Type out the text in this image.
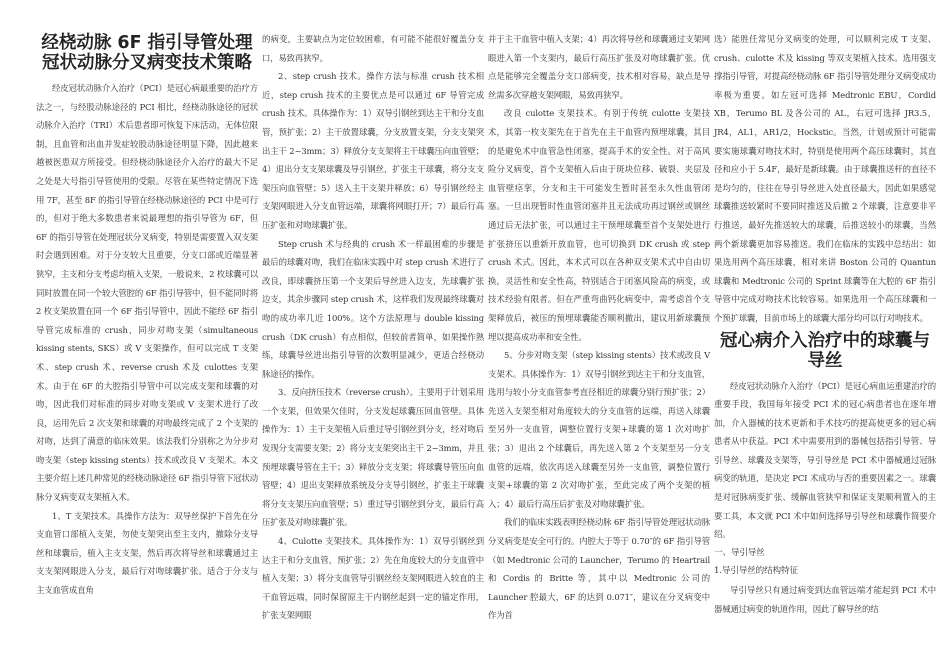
经桡动脉 6F 指引导管处理冠状动脉分叉病变技术策略

经皮冠状动脉介入治疗（PCI）是冠心病最重要的治疗方法之一，与经股动脉途径的 PCI 相比，经桡动脉途径的冠状动脉介入治疗（TRI）术后患者即可恢复下床活动，无体位限制，且血管和出血并发症较股动脉途径明显下降，因此越来越被医患双方所接受。但经桡动脉途径介入治疗的最大不足之处是大号指引导管使用的受限。尽管在某些特定情况下选用 7F，甚至 8F 的指引导管在经桡动脉途径的 PCI 中是可行的，但对于绝大多数患者来说最理想的指引导管为 6F，但 6F 的指引导管在处理冠状分叉病变，特别是需要置入双支架时会遇到困难。对于分支较大且重要，分支口部或近端显著狭窄，主支和分支考虑均植入支架，一般说来，2 枚球囊可以同时放置在同一个较大管腔的 6F 指引导管中，但不能同时将 2 枚支架放置在同一个 6F 指引导管中，因此不能经 6F 指引导管完成标准的 crush，同步对吻支架（simultaneous kissing stents, SKS）或 V 支架操作，但可以完成 T 支架术、step crush 术、reverse crush 术及 culottes 支架术。由于在 6F 的大腔指引导管中可以完成支架和球囊的对吻，因此我们对标准的同步对吻支架或 V 支架术进行了改良，运用先后 2 次支架和球囊的对吻最终完成了 2 个支架的对吻，达到了满意的临床效果。该法我们分别称之为分步对吻支架（step kissing stents）技术或改良 V 支架术。本文主要介绍上述几种常见的经桡动脉途径 6F 指引导管下冠状动脉分叉病变双支架植入术。

1、T 支架技术。具操作方法为：双导丝保护下首先在分支血管口部植入支架，勿使支架突出至主支内，撤除分支导丝和球囊后，植入主支支架，然后再次将导丝和球囊通过主支支架网眼进入分支，最后行对吻球囊扩张。适合于分支与主支血管成直角

的病变，主要缺点为定位较困难，有可能不能很好覆盖分支口，易致再狭窄。

2、step crush 技术。操作方法与标准 crush 技术相近，step crush 技术的主要优点是可以通过 6F 导管完成 crush 技术。具体操作为：1）双导引钢丝到达主干和分支血管，预扩张；2）主干放置球囊，分支放置支架，分支支架突出主干 2~3mm；3）释放分支支架将主干球囊压向血管壁；4）退出分支支架球囊及导引钢丝，扩张主干球囊，将分支支架压向血管壁；5）送入主干支架并释放；6）导引钢丝经主支架网眼进入分支血管远端，球囊将网眼打开；7）最后行高压扩张和对吻球囊扩张。

Step crush 术与经典的 crush 术一样最困难的步骤是最后的球囊对吻，我们在临床实践中对 step crush 术进行了改良，即球囊挤压第一个支架后导丝进入边支，先球囊扩张边支，其余步骤同 step crush 术，这样我们发现最终球囊对吻的成功率几近 100%。这个方法原理与 double kissing crush（DK crush）有点相似，但较前者简单，如果操作熟练，球囊导丝进出指引导管的次数明显减少，更适合经桡动脉途径的操作。

3、反向挤压技术（reverse crush）。主要用于计划采用一个支架，但效果欠佳时，分支发起球囊压回血管壁。具体操作为：1）主干支架植入后重过导引钢丝到分支，经对吻后发现分支需要支架；2）将分支支架突出主干 2~3mm，并且预埋球囊导管在主干；3）释放分支支架；将球囊导管压向血管壁；4）退出支架释放系统及分支导引钢丝，扩张主干球囊将分支支架压向血管壁；5）重过导引钢丝到分支，最后行高压扩张及对吻球囊扩张。

4、Culotte 支架技术。具体操作为：1）双导引钢丝到达主干和分支血管，预扩张；2）先在角度较大的分支血管中植入支架；3）将分支血管导引钢丝经支架网眼进入较直的主干血管远端，同时保留原主干内钢丝起到一定的锚定作用，扩张支架网眼

并于主干血管中植入支架；4）再次将导丝和球囊通过支架网眼进入第一个支架内，最后行高压扩张及对吻球囊扩张。优点是能够完全覆盖分支口部病变，技术相对容易，缺点是导丝需多次穿越支架网眼，易致再狭窄。

改良 culotte 支架技术。有别于传统 culotte 支架技术，其第一枚支架先在于首先在主干血管内预埋球囊，其目的是避免术中血管急性闭塞，提高手术的安全性。对于高风险分叉病变，首个支架植入后由于斑块位移、破裂、夹层及血管壁痉挛，分支和主干可能发生暂时甚至永久性血管闭塞。一旦出现暂时性血管闭塞并且无法成功再过钢丝或钢丝通过后无法扩张，可以通过主干预埋球囊至首个支架处进行扩张挤压以重新开放血管，也可切换到 DK crush 或 step crush 术式。因此，本术式可以在各种双支架术式中自由切换，灵活性和安全性高，特别适合于闭塞风险高的病变，或技术经验有限者。但在严重弯曲钙化病变中，需考虑首个支架释放后，被压的预埋球囊能否顺利撤出，建议用新球囊预埋以提高成功率和安全性。

5、分步对吻支架（step kissing stents）技术或改良 V 支架术。具体操作为：1）双导引钢丝到达主干和分支血管，选用与较小分支血管参考直径相近的球囊分别行预扩张；2）先送入支架至相对角度较大的分支血管的远端，再送入球囊至另外一支血管，调整位置行支架+球囊的第 1 次对吻扩张；3）退出 2 个球囊后，再先送入第 2 个支架至另一分支血管的远端，依次再送入球囊至另外一支血管，调整位置行支架+球囊的第 2 次对吻扩张，至此完成了两个支架的植入；4）最后行高压后扩张及对吻球囊扩张。

我们的临床实践表明经桡动脉 6F 指引导管处理冠状动脉分叉病变是安全可行的。内腔大于等于 0.70″的 6F 指引导管（如 Medtronic 公司的 Launcher，Terumo 的 Heartrail 和 Cordis 的 Britte 等，其中以 Medtronic 公司的 Launcher 腔最大，6F 的达到 0.071″，建议在分叉病变中作为首

选）能胜任常见分叉病变的处理，可以顺利完成 T 支架、crush、culotte 术及 kissing 等双支架植入技术。选用强支撑指引导管，对提高经桡动脉 6F 指引导管处理分叉病变成功率极为重要。如左冠可选择 Medtronic EBU，Cordid XB，Terumo BL 及各公司的 AL，右冠可选择 JR3.5，JR4，AL1，AR1/2，Hockstic。当然，计划或预计可能需要实施球囊对吻技术时，特别是使用两个高压球囊时，其直径和应小于 5.4F，最好是新球囊。由于球囊推送杆的直径不是均匀的，往往在导引导丝进入处直径最大，因此如果感觉球囊推送较紧时不要同时推送及后撤 2 个球囊，注意要非平行推送，最好先推送较大的球囊，后推送较小的球囊，当然两个新球囊更加容易推送。我们在临床的实践中总结出：如果选用两个高压球囊，相对来讲 Boston 公司的 Quantun 球囊和 Medtronic 公司的 Sprint 球囊等在大腔的 6F 指引导管中完成对吻技术比较容易。如果选用一个高压球囊和一个预扩球囊，目前市场上的球囊大部分均可以行对吻技术。

冠心病介入治疗中的球囊与导丝

经皮冠状动脉介入治疗（PCI）是冠心病血运重建治疗的重要手段，我国每年接受 PCI 术的冠心病患者也在逐年增加，介入器械的技术更新和手术技巧的提高使更多的冠心病患者从中获益。PCI 术中需要用到的器械包括指引导管、导引导丝、球囊及支架等，导引导丝是 PCI 术中器械通过冠脉病变的轨道，是决定 PCI 术成功与否的重要因素之一。球囊是对冠脉病变扩张、缓解血管狭窄和保证支架顺利置入的主要工具，本文就 PCI 术中如何选择导引导丝和球囊作简要介绍。

一、导引导丝

1.导引导丝的结构特征

导引导丝只有通过病变到达血管远端才能起到 PCI 术中器械通过病变的轨道作用，因此了解导丝的结
